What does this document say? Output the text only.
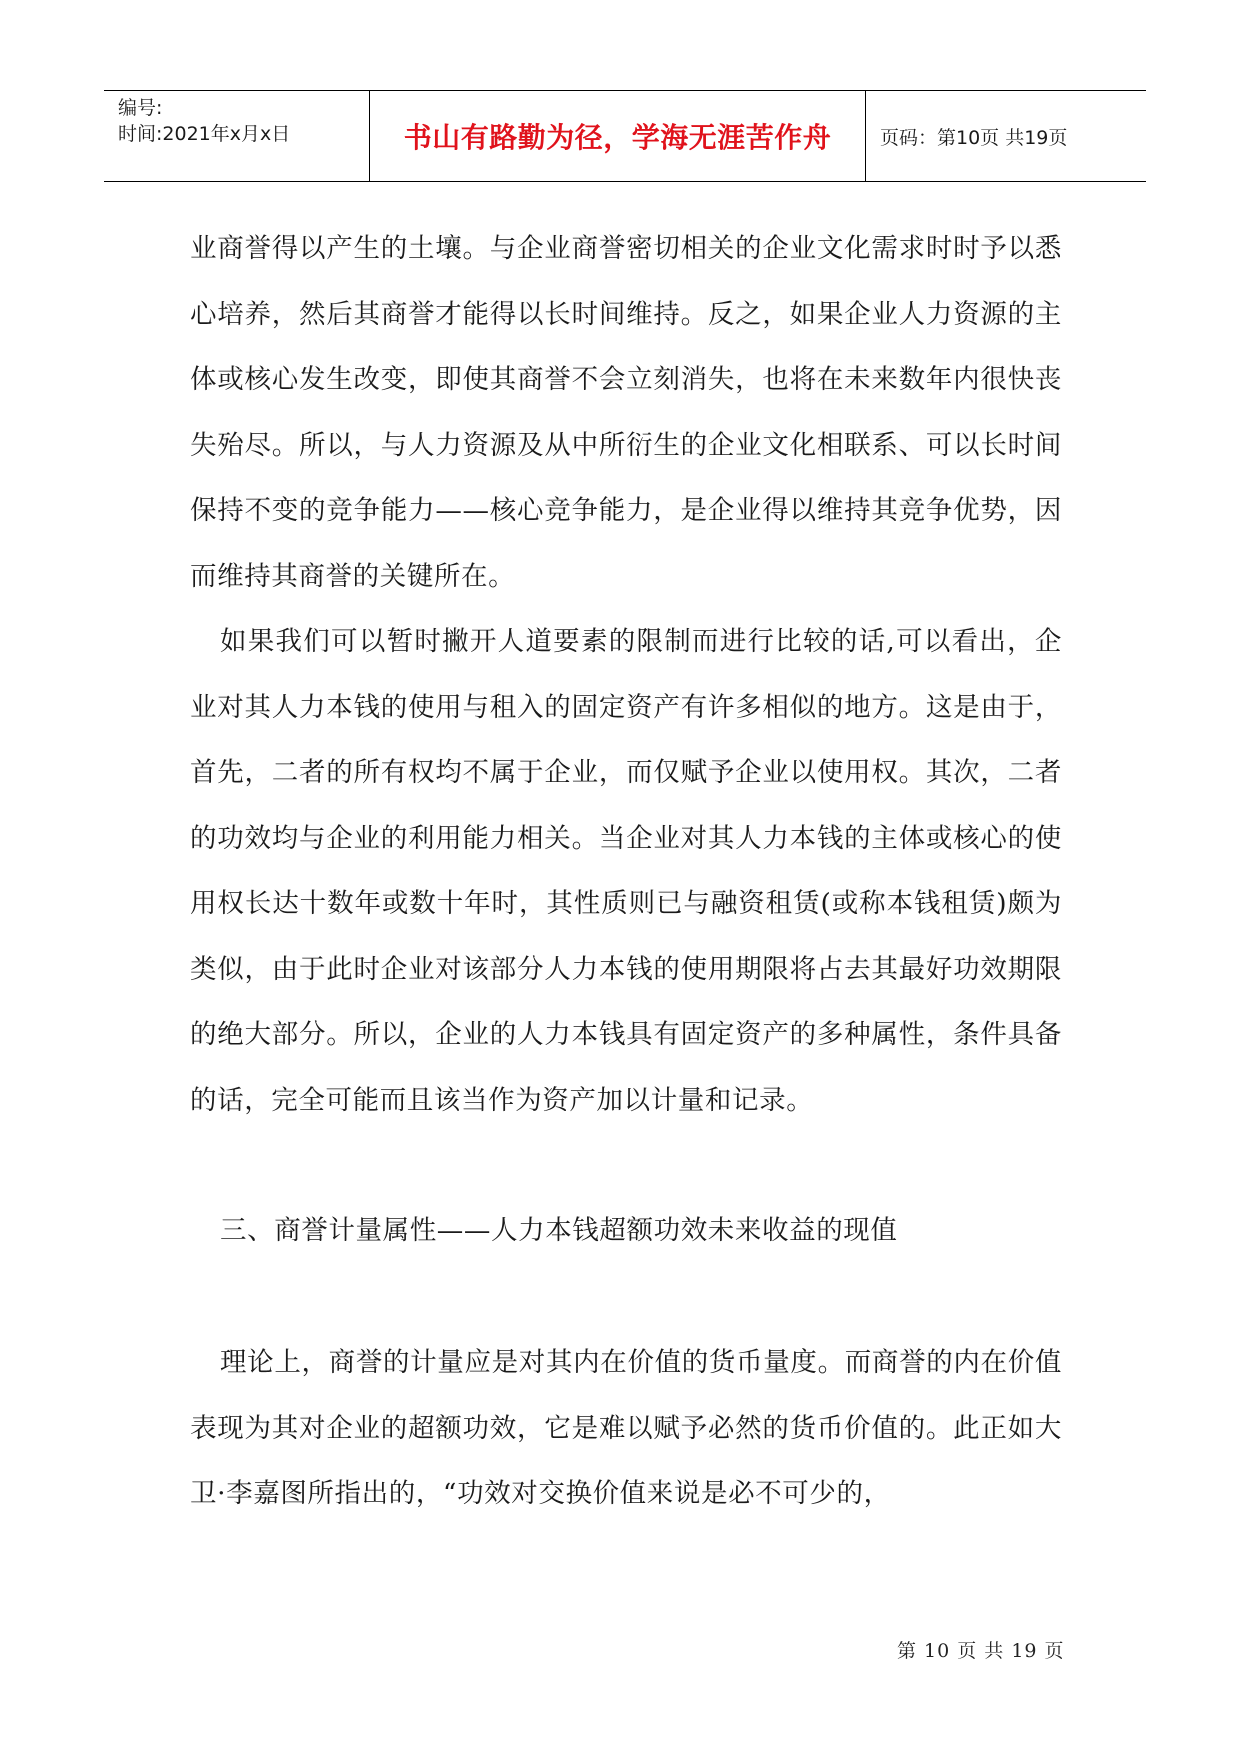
编号:
时间:2021年x月x日	书山有路勤为径，学海无涯苦作舟	页码：第10页 共19页

业商誉得以产生的土壤。与企业商誉密切相关的企业文化需求时时予以悉心培养，然后其商誉才能得以长时间维持。反之，如果企业人力资源的主体或核心发生改变，即使其商誉不会立刻消失，也将在未来数年内很快丧失殆尽。所以，与人力资源及从中所衍生的企业文化相联系、可以长时间保持不变的竞争能力——核心竞争能力，是企业得以维持其竞争优势，因而维持其商誉的关键所在。

如果我们可以暂时撇开人道要素的限制而进行比较的话,可以看出，企业对其人力本钱的使用与租入的固定资产有许多相似的地方。这是由于，首先，二者的所有权均不属于企业，而仅赋予企业以使用权。其次，二者的功效均与企业的利用能力相关。当企业对其人力本钱的主体或核心的使用权长达十数年或数十年时，其性质则已与融资租赁(或称本钱租赁)颇为类似，由于此时企业对该部分人力本钱的使用期限将占去其最好功效期限的绝大部分。所以，企业的人力本钱具有固定资产的多种属性，条件具备的话，完全可能而且该当作为资产加以计量和记录。

三、商誉计量属性——人力本钱超额功效未来收益的现值

理论上，商誉的计量应是对其内在价值的货币量度。而商誉的内在价值表现为其对企业的超额功效，它是难以赋予必然的货币价值的。此正如大卫·李嘉图所指出的，“功效对交换价值来说是必不可少的，

第 10 页 共 19 页
